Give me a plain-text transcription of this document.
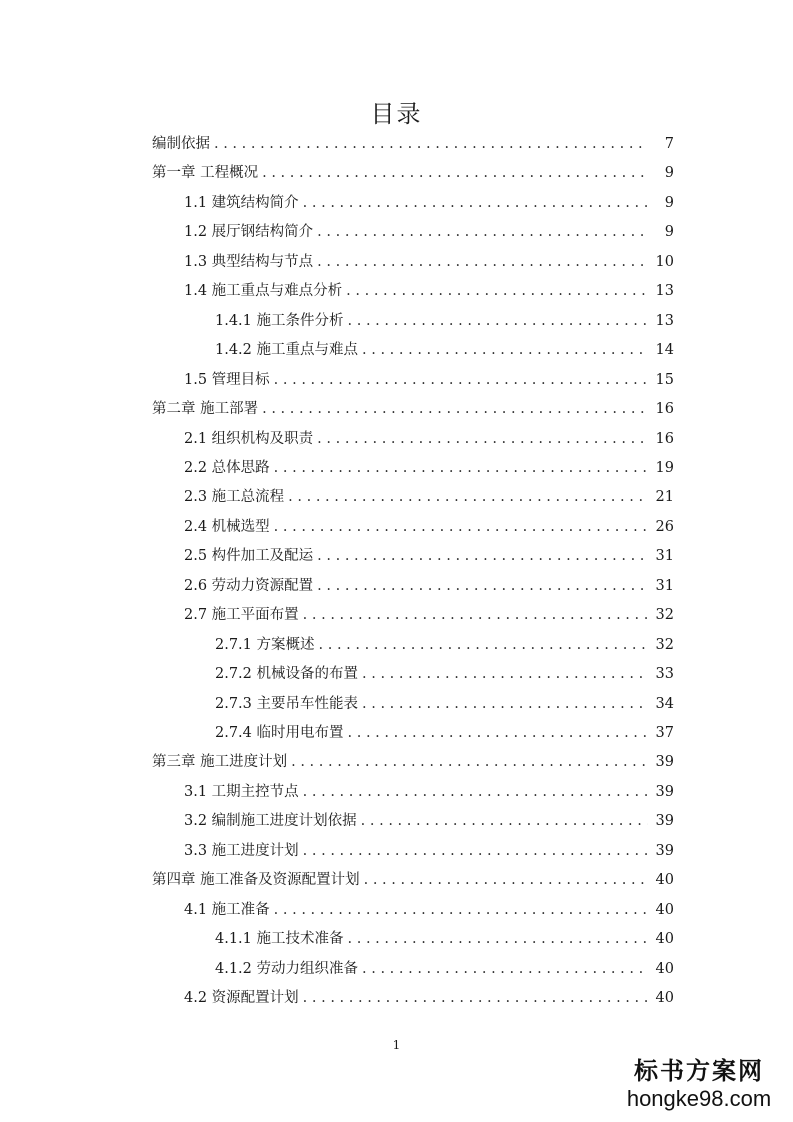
目录
编制依据 . . .	7
第一章 工程概况 . . .	9
1.1 建筑结构简介 . . .	9
1.2 展厅钢结构简介 . . .	9
1.3 典型结构与节点 . . .	10
1.4 施工重点与难点分析 . . .	13
1.4.1 施工条件分析 . . .	13
1.4.2 施工重点与难点 . . .	14
1.5 管理目标 . . .	15
第二章 施工部署 . . .	16
2.1 组织机构及职责 . . .	16
2.2 总体思路 . . .	19
2.3 施工总流程 . . .	21
2.4 机械选型 . . .	26
2.5 构件加工及配运 . . .	31
2.6 劳动力资源配置 . . .	31
2.7 施工平面布置 . . .	32
2.7.1 方案概述 . . .	32
2.7.2 机械设备的布置 . . .	33
2.7.3 主要吊车性能表 . . .	34
2.7.4 临时用电布置 . . .	37
第三章 施工进度计划 . . .	39
3.1 工期主控节点 . . .	39
3.2 编制施工进度计划依据 . . .	39
3.3 施工进度计划 . . .	39
第四章 施工准备及资源配置计划 . . .	40
4.1 施工准备 . . .	40
4.1.1 施工技术准备 . . .	40
4.1.2 劳动力组织准备 . . .	40
4.2 资源配置计划 . . .	40
1
标书方案网
hongke98.com
